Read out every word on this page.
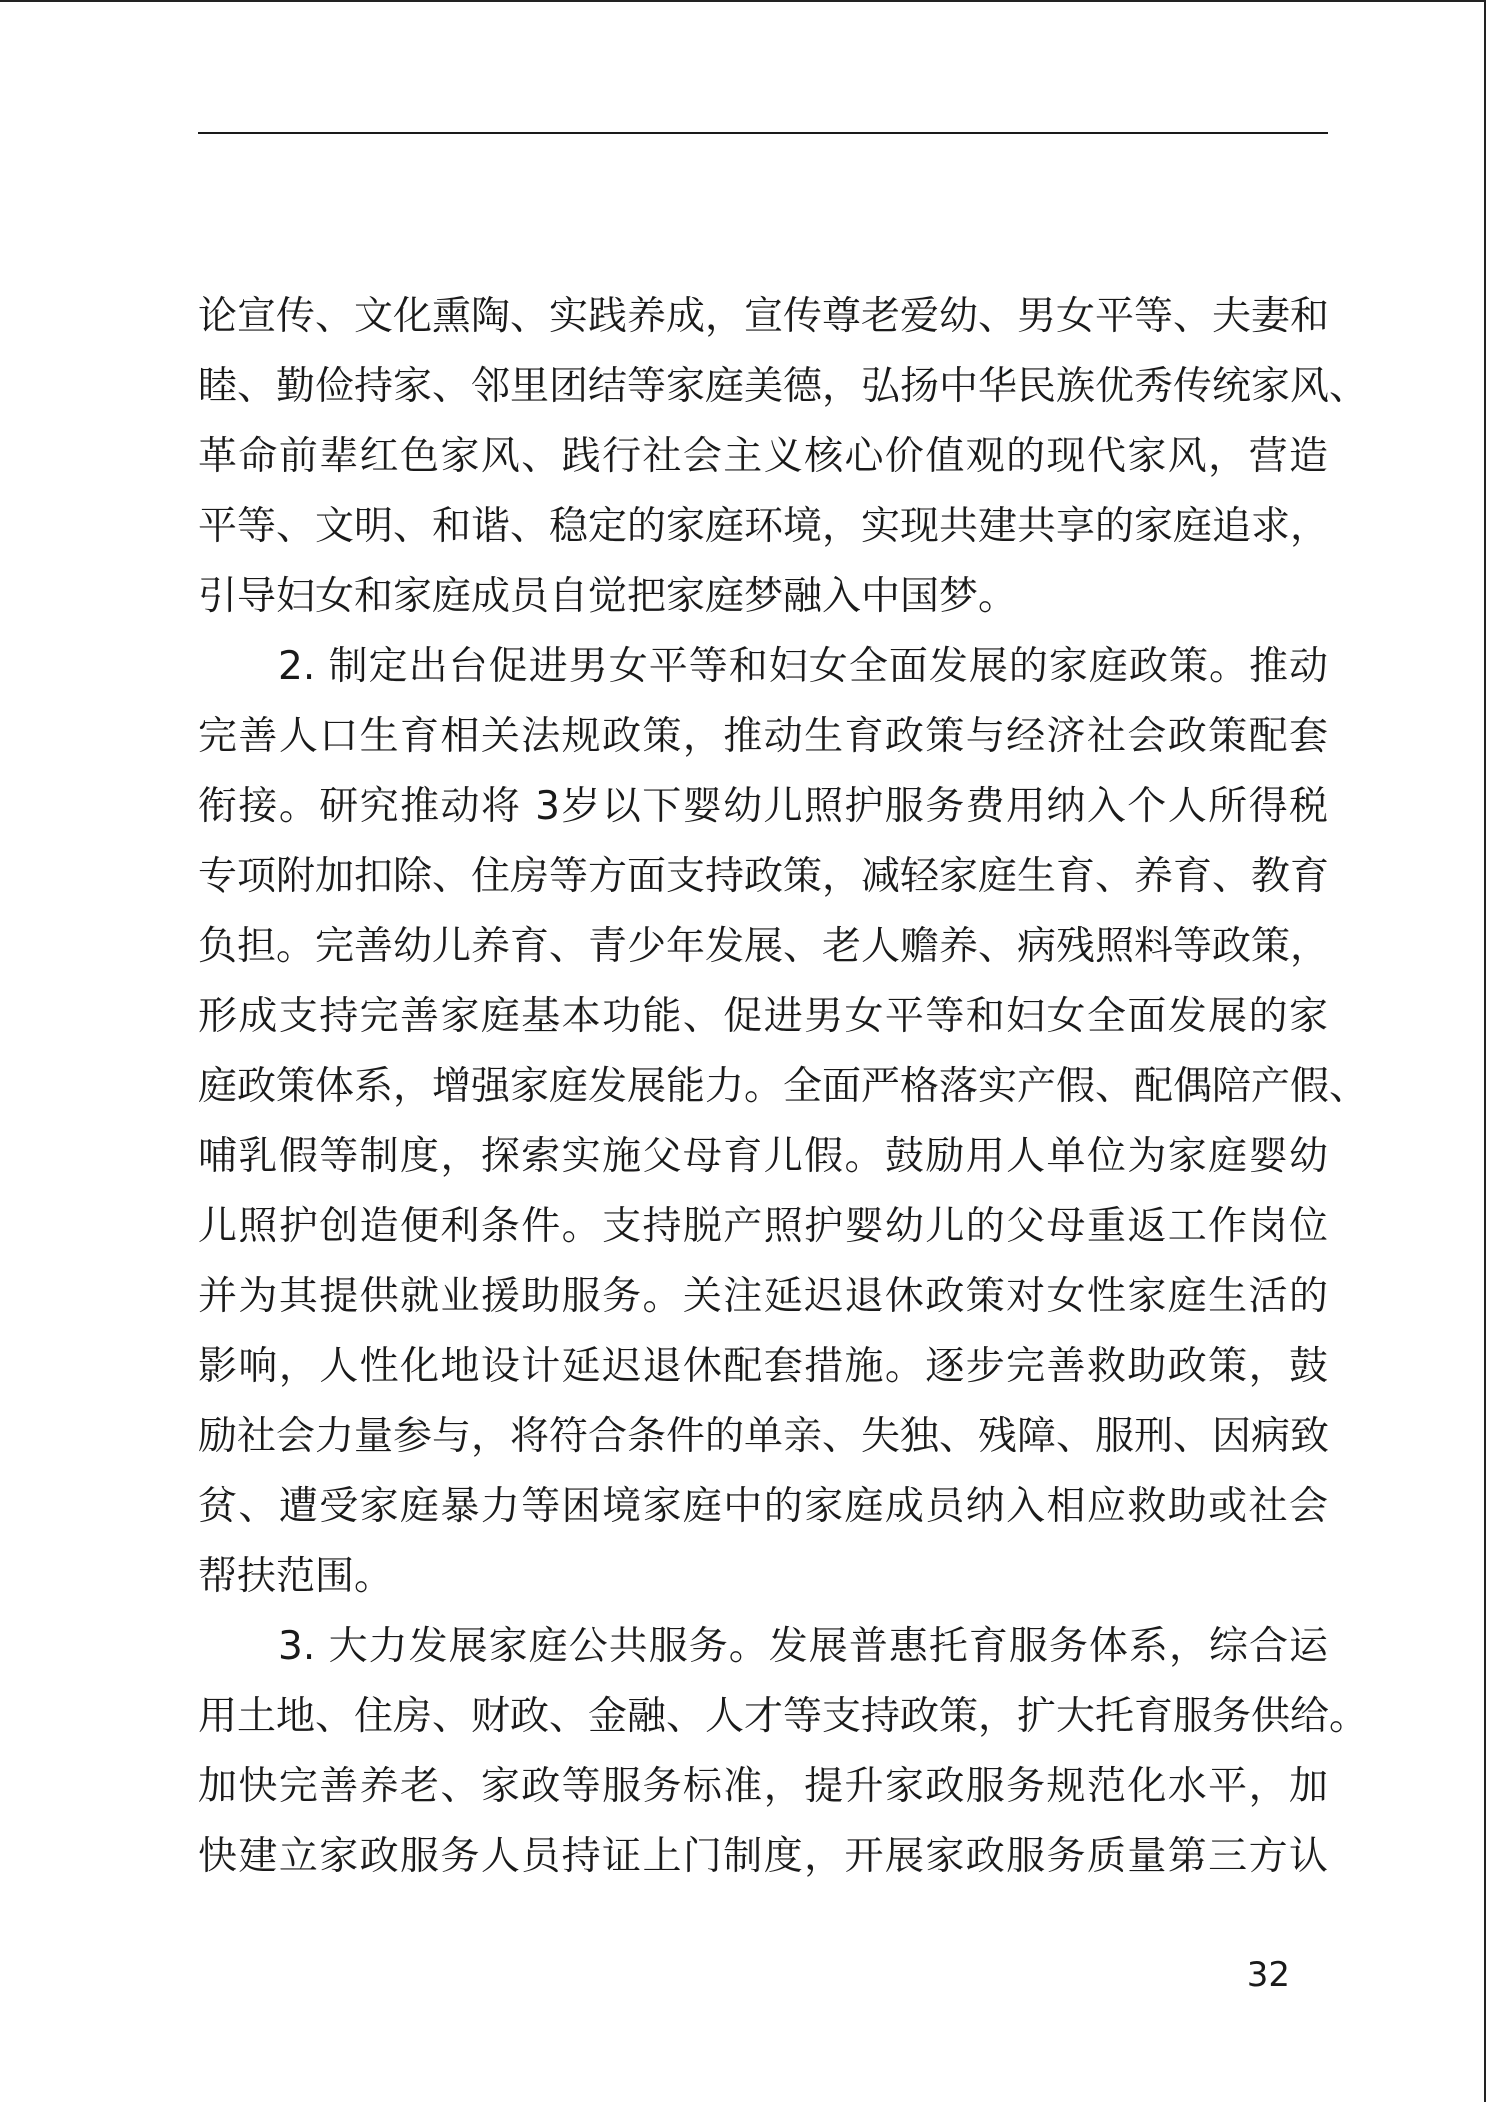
论宣传、文化熏陶、实践养成，宣传尊老爱幼、男女平等、夫妻和
睦、勤俭持家、邻里团结等家庭美德，弘扬中华民族优秀传统家风、
革命前辈红色家风、践行社会主义核心价值观的现代家风，营造
平等、文明、和谐、稳定的家庭环境，实现共建共享的家庭追求，
引导妇女和家庭成员自觉把家庭梦融入中国梦。
2. 制定出台促进男女平等和妇女全面发展的家庭政策。推动
完善人口生育相关法规政策，推动生育政策与经济社会政策配套
衔接。研究推动将 3岁以下婴幼儿照护服务费用纳入个人所得税
专项附加扣除、住房等方面支持政策，减轻家庭生育、养育、教育
负担。完善幼儿养育、青少年发展、老人赡养、病残照料等政策，
形成支持完善家庭基本功能、促进男女平等和妇女全面发展的家
庭政策体系，增强家庭发展能力。全面严格落实产假、配偶陪产假、
哺乳假等制度，探索实施父母育儿假。鼓励用人单位为家庭婴幼
儿照护创造便利条件。支持脱产照护婴幼儿的父母重返工作岗位
并为其提供就业援助服务。关注延迟退休政策对女性家庭生活的
影响，人性化地设计延迟退休配套措施。逐步完善救助政策，鼓
励社会力量参与，将符合条件的单亲、失独、残障、服刑、因病致
贫、遭受家庭暴力等困境家庭中的家庭成员纳入相应救助或社会
帮扶范围。
3. 大力发展家庭公共服务。发展普惠托育服务体系，综合运
用土地、住房、财政、金融、人才等支持政策，扩大托育服务供给。
加快完善养老、家政等服务标准，提升家政服务规范化水平，加
快建立家政服务人员持证上门制度，开展家政服务质量第三方认
32
